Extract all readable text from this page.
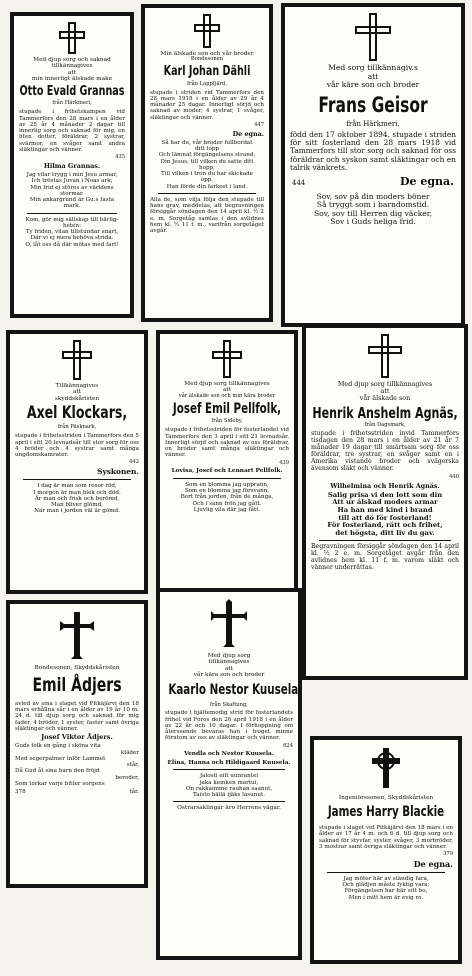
Med djup sorg och saknad
tillkännagives
att
min innerligt älskade make
Otto Evald Grannas
från Härkmeri,
stupade i frihetskampen vid Tammerfors den 28 mars i en ålder av 25 år 4 månader 2 dagar till innerlig sorg och saknad för mig, en liten dotter, föräldrar, 2 systrar, svärmor, en svåger samt andra släktingar och vänner.
435
Hilma Grannas.
Jag vilar trygg i min Jesu armar,
Ich tröstas Juvan i Noas ark;
Min frid ej störes av världens
stormar.
Min ankargrund är Gu:s fasta
mark.
Kom, gör mig sällskap till härlig-
heten:
Ty friden, vilan tillstundar snart,
Där vi ej mera behöva strida.
O, låt oss då där mötas med fart!
Min älskade son och vår broder
Bondesonen
Karl Johan Dähli
från Lappfjärd,
stupade i striden vid Tammerfors den 28 mars 1918 i en ålder av 29 år 4 månader 25 dagar. Innerligt sörjd och saknad av moder, 4 systrar, 1 svåger, släktingar och vänner.
447
De egna.
Så har du, vår broder fullbordat
ditt lopp
Och lämnat förgängelsens strand.
Din Jesus, till vilken du satte ditt
hopp,
Till vilken i tron du har skickade
opp,
Han förde din farkost i land.
Alla de, som vilja följa den stupade till hans grav, meddelas, att begravningen försiggår söndagen den 14 april kl. ½ 2 e. m. Sorgetåg samlas i den avlidnes hem kl. ½ 11 f. m., varifrån sorgetåget avgår.
Med sorg tillkännagiv.s
att
vår käre son och broder
Frans Geisor
från Härkmeri,
född den 17 oktober 1894, stupade i striden för sitt fosterland den 28 mars 1918 vid Tammerfors till stor sorg och saknad för oss föräldrar och syskon samt släktingar och en talrik vänkrets.
444	De egna.
Sov, sov på din moders böner
Så tryggt som i barndomstid.
Sov, sov till Herren dig väcker,
Sov i Guds heliga frid.
Tillkännagives
att
skyddskåristen
Axel Klockars,
från Päsknark,
stupade i frihetsstriden i Tammerfors den 5 april i sitt 20 levnadsår till stor sorg för oss 4 bröder och 4 systrar samt många ungdomskamrater.
442
Syskonen.
I dag är man som rosor röd,
I morgon är man blek och död.
Är man och frisk och berömd,
Man bliver glömd,
När man i jorden väl är gömd.
Med djup sorg tillkännagives
att
vår älskade son och min kära broder
Josef Emil Pellfolk,
från Sideby,
stupade i frihetsstriden för fosterlandet vid Tammerfors den 3 april i sitt 21 levnadsår. Innerligt sörjd och saknad av oss föräldrar, en broder samt många släktingar och vänner.
439
Lovisa, Josef och Lennart Pellfolk.
Som en blomma jag upprann,
Som en blomma jag försvann,
Bort från jorden, från de många,
Och i sann frön jag gått.
Ljuvlig vila där jag fått.
Med djup sorg tillkännagives
att
vår älskade son
Henrik Anshelm Agnäs,
från Dagsmark,
stupade i frihetsstriden invid Tammerfors tisdagen den 28 mars i en ålder av 21 år 7 månader 19 dagar till smärtsam sorg för oss föräldrar, tre systrar, en svåger samt en i Amerika vistande broder och svägerska ävensom släkt och vänner.
440
Wilhelmina och Henrik Agnäs.
Salig prisa vi den lott som din
Att ur älskad moders armar
Ha han med kind i brand
till att dö för fosterland!
För fosterland, rätt och frihet,
det högsta, ditt liv du gav.
Begravningen försiggår söndagen den 14 april kl. ½ 2 e. m. Sorgetåget avgår från den avlidnes hem kl. 11 f. m. varom släkt och vänner underrättas.
Bondesonen, Skyddskåristen
Emil Ådjers
avled av sina i slaget vid Pitkäjärvi den 18 mars erhållna sår i en ålder av 19 år 10 m. 24 d. till djup sorg och saknad för mig fader, 4 bröder, 1 syster, faster samt övriga släktingar och vänner.
Josef Viktor Ådjers.
Guds folk en gång i sköna vita
kläder
Med segerpalmer inför Lammet
står,
Då Gud åt sina barn den fröjd
bereder,
Som torkar varje bitter sorgens
378	tår.
Med djup sorg
tillkännagives
att
vår kära son och broder
Kaarlo Nestor Kuusela
från Skaftung,
stupade i hjältemodig strid för fosterlandets frihet vid Foros den 26 april 1918 i en ålder av 22 år och 10 dagar. I förhoppning om återseende bevaras han i troget minne förutom av oss av släktingar och vänner.
624
Vendla och Nestor Kuusela.
Elina, Hanna och Hildigaard Kuusela.
Jalosti eilt uunrantei
jaka kemken martui,
On rakkaimme rauhan saanut,
Taisto häilä ijäks lasunut.
Ostrarsaklingar äro Herrens vägar.
Ingeniörssonen, Skyddskåristen
James Harry Blackie
stupade i slaget vid Pitkäjärvi den 18 mars i en ålder av 17 år 4 m. och 6 d. till djup sorg och saknad för styvfar, syster, svåger, 3 morbröder, 3 mostrar samt övriga släktingar och vänner.
379
De egna.
Jag möter här av ständig fara,
Och glädjen måste fyktig vara;
Förgängelsen har här sitt bo,
Men i mitt hem är evig ro.
